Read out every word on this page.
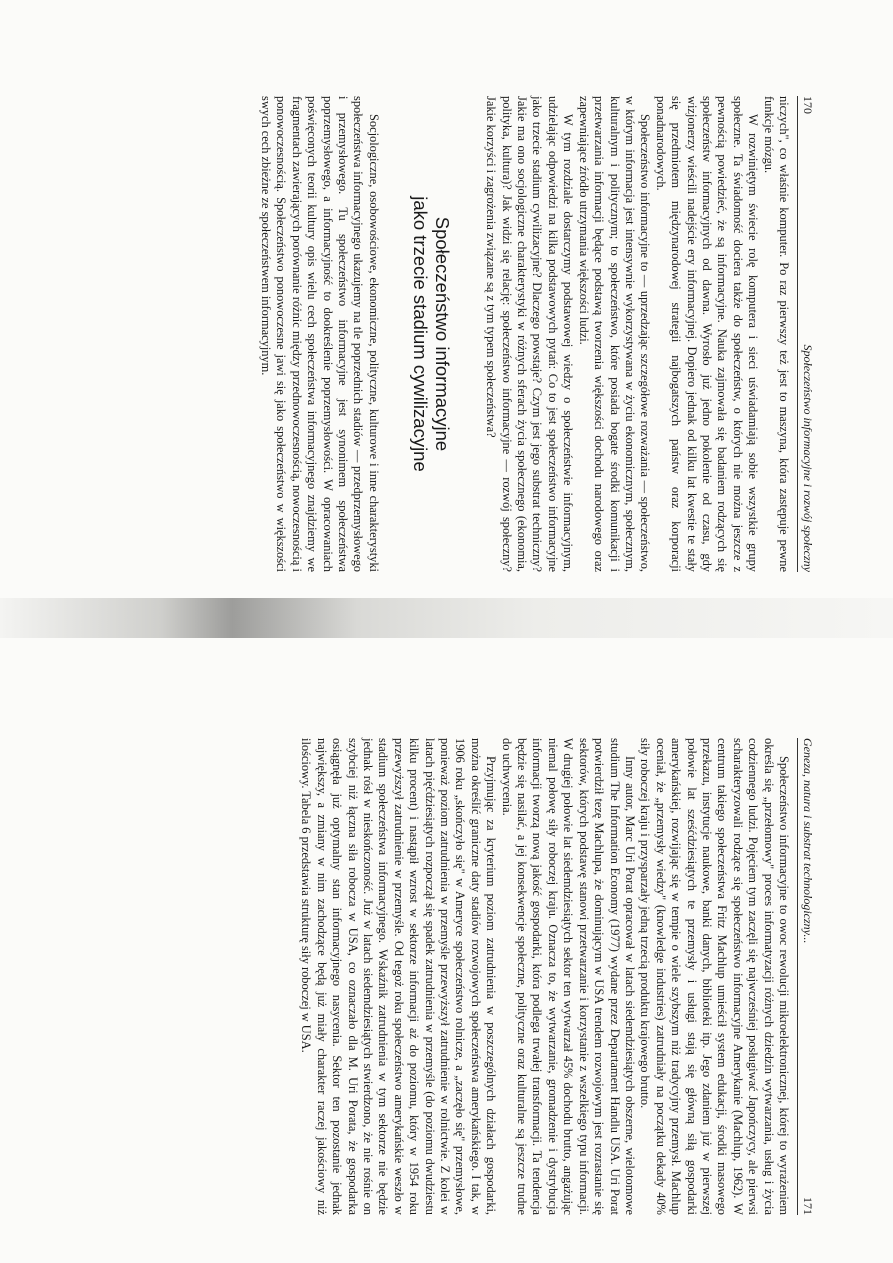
170
Społeczeństwo informacyjne i rozwój społeczny

niczych", co właśnie komputer. Po raz pierwszy też jest to maszyna, która zastępuje pewne funkcje mózgu.

W rozwiniętym świecie rolę komputera i sieci uświadamiają sobie wszystkie grupy społeczne. Ta świadomość dociera także do społeczeństw, o których nie można jeszcze z pewnością powiedzieć, że są informacyjne. Nauka zajmowała się badaniem rodzących się społeczeństw informacyjnych od dawna. Wyrosło już jedno pokolenie od czasu, gdy wizjonerzy wieścili nadejście ery informacyjnej. Dopiero jednak od kilku lat kwestie te stały się przedmiotem międzynarodowej strategii najbogatszych państw oraz korporacji ponadnarodowych.

Społeczeństwo informacyjne to — uprzedzając szczegółowe rozważania — społeczeństwo, w którym informacja jest intensywnie wykorzystywana w życiu ekonomicznym, społecznym, kulturalnym i politycznym; to społeczeństwo, które posiada bogate środki komunikacji i przetwarzania informacji będące podstawą tworzenia większości dochodu narodowego oraz zapewniające źródło utrzymania większości ludzi.

W tym rozdziale dostarczymy podstawowej wiedzy o społeczeństwie informacyjnym, udzielając odpowiedzi na kilka podstawowych pytań: Co to jest społeczeństwo informacyjne jako trzecie stadium cywilizacyjne? Dlaczego powstaje? Czym jest jego substrat techniczny? Jakie ma ono socjologiczne charakterystyki w różnych sferach życia społecznego (ekonomia, polityka, kultura)? Jak widzi się relację: społeczeństwo informacyjne — rozwój społeczny? Jakie korzyści i zagrożenia związane są z tym typem społeczeństwa?

Społeczeństwo informacyjne
jako trzecie stadium cywilizacyjne

Socjologiczne, osobowościowe, ekonomiczne, polityczne, kulturowe i inne charakterystyki społeczeństwa informacyjnego ukazujemy na tle poprzednich stadiów — przedprzemysłowego i przemysłowego. Tu społeczeństwo informacyjne jest synonimem społeczeństwa poprzemysłowego, a informacyjność to dookreślenie poprzemysłowości. W opracowaniach poświęconych teorii kultury opis wielu cech społeczeństwa informacyjnego znajdziemy we fragmentach zawierających porównanie różnic między przednowoczesnością, nowoczesnością i ponowoczesnością. Społeczeństwo ponowoczesne jawi się jako społeczeństwo w większości swych cech zbieżne ze społeczeństwem informacyjnym.

Geneza, natura i substrat technologiczny...
171

Społeczeństwo informacyjne to owoc rewolucji mikroelektronicznej, której to wyrażeniem określa się „przełomowy" proces informatyzacji różnych dziedzin wytwarzania, usług i życia codziennego ludzi. Pojęciem tym zaczęli się najwcześniej posługiwać Japończycy, ale pierwsi scharakteryzowali rodzące się społeczeństwo informacyjne Amerykanie (Machlup, 1962). W centrum takiego społeczeństwa Fritz Machlup umieścił system edukacji, środki masowego przekazu, instytucje naukowe, banki danych, biblioteki itp. Jego zdaniem już w pierwszej połowie lat sześćdziesiątych te przemysły i usługi stają się główną siłą gospodarki amerykańskiej, rozwijając się w tempie o wiele szybszym niż tradycyjny przemysł. Machlup oceniał, że „przemysły wiedzy" (knowledge industries) zatrudniały na początku dekady 40% siły roboczej kraju i przysparzały jedną trzecią produktu krajowego brutto.

Inny autor, Marc Uri Porat opracował w latach siedemdziesiątych obszerne, wielotomowe studium The Information Economy (1977) wydane przez Departament Handlu USA. Uri Porat potwierdził tezę Machlupa, że dominującym w USA trendem rozwojowym jest rozrastanie się sektorów, których podstawę stanowi przetwarzanie i korzystanie z wszelkiego typu informacji. W drugiej połowie lat siedemdziesiątych sektor ten wytwarzał 45% dochodu brutto, angażując niemal połowę siły roboczej kraju. Oznacza to, że wytwarzanie, gromadzenie i dystrybucja informacji tworzą nową jakość gospodarki, która podlega trwałej transformacji. Ta tendencja będzie się nasilać, a jej konsekwencje społeczne, polityczne oraz kulturalne są jeszcze trudne do uchwycenia.

Przyjmując za kryterium poziom zatrudnienia w poszczególnych działach gospodarki, można określić graniczne daty stadiów rozwojowych społeczeństwa amerykańskiego. I tak, w 1906 roku „skończyło się" w Ameryce społeczeństwo rolnicze, a „zaczęło się" przemysłowe, ponieważ poziom zatrudnienia w przemyśle przewyższył zatrudnienie w rolnictwie. Z kolei w latach pięćdziesiątych rozpoczął się spadek zatrudnienia w przemyśle (do poziomu dwudziestu kilku procent) i nastąpił wzrost w sektorze informacji aż do poziomu, który w 1954 roku przewyższył zatrudnienie w przemyśle. Od tegoż roku społeczeństwo amerykańskie weszło w stadium społeczeństwa informacyjnego. Wskaźnik zatrudnienia w tym sektorze nie będzie jednak rósł w nieskończoność. Już w latach siedemdziesiątych stwierdzono, że nie rośnie on szybciej niż łączna siła robocza w USA, co oznaczało dla M. Uri Porata, że gospodarka osiągnęła już optymalny stan informacyjnego nasycenia. Sektor ten pozostanie jednak największy, a zmiany w nim zachodzące będą już miały charakter raczej jakościowy niż ilościowy. Tabela 6 przedstawia strukturę siły roboczej w USA.
